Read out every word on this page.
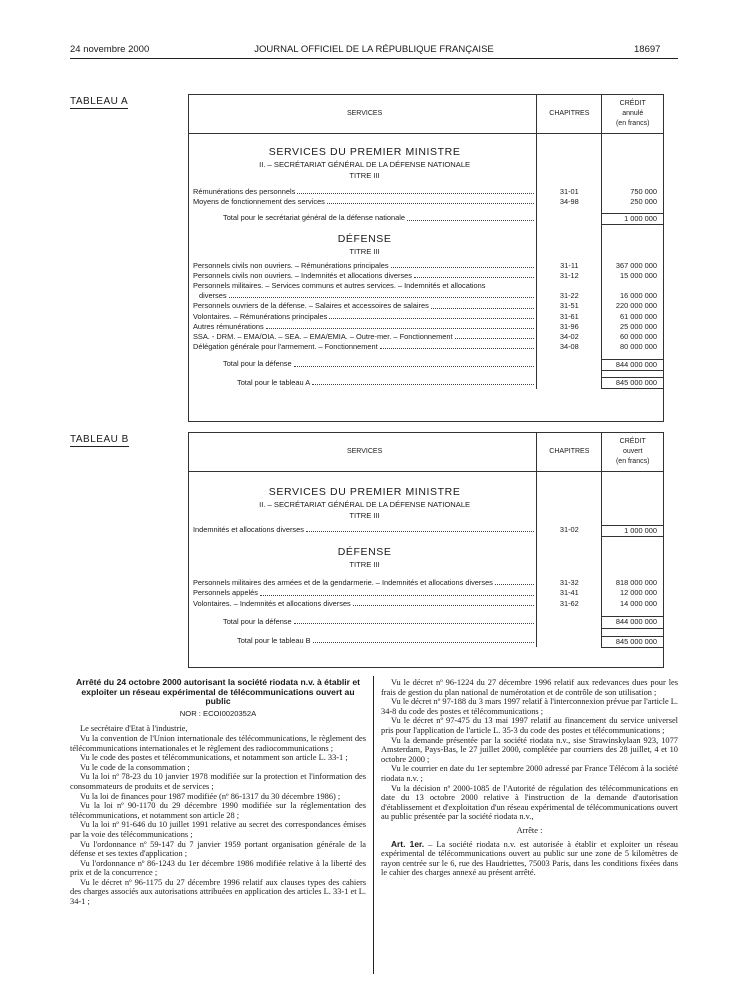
24 novembre 2000	JOURNAL OFFICIEL DE LA RÉPUBLIQUE FRANÇAISE	18697
TABLEAU A
SERVICES	CHAPITRES	CRÉDIT
annulé
(en francs)

SERVICES DU PREMIER MINISTRE		
II. – SECRÉTARIAT GÉNÉRAL DE LA DÉFENSE NATIONALE		
TITRE III		

Rémunérations des personnels	31-01	750 000

Moyens de fonctionnement des services	34-98	250 000

Total pour le secrétariat général de la défense nationale		1 000 000

DÉFENSE		
TITRE III		

Personnels civils non ouvriers. – Rémunérations principales	31-11	367 000 000

Personnels civils non ouvriers. – Indemnités et allocations diverses	31-12	15 000 000
Personnels militaires. – Services communs et autres services. – Indemnités et allocations		

diverses	31-22	16 000 000

Personnels ouvriers de la défense. – Salaires et accessoires de salaires	31-51	220 000 000

Volontaires. – Rémunérations principales	31-61	61 000 000

Autres rémunérations	31-96	25 000 000

SSA. - DRM. – EMA/OIA. – SEA. – EMA/EMIA. – Outre-mer. – Fonctionnement	34-02	60 000 000

Délégation générale pour l'armement. – Fonctionnement	34-08	80 000 000

Total pour la défense		844 000 000

Total pour le tableau A		845 000 000
TABLEAU B
SERVICES	CHAPITRES	CRÉDIT
ouvert
(en francs)

SERVICES DU PREMIER MINISTRE		
II. – SECRÉTARIAT GÉNÉRAL DE LA DÉFENSE NATIONALE		
TITRE III		

Indemnités et allocations diverses	31-02	1 000 000

DÉFENSE		
TITRE III		

Personnels militaires des armées et de la gendarmerie. – Indemnités et allocations diverses	31-32	818 000 000

Personnels appelés	31-41	12 000 000

Volontaires. – Indemnités et allocations diverses	31-62	14 000 000

Total pour la défense		844 000 000

Total pour le tableau B		845 000 000

Arrêté du 24 octobre 2000 autorisant la société riodata n.v. à établir et exploiter un réseau expérimental de télécommunications ouvert au public

NOR : ECOI0020352A

Le secrétaire d'Etat à l'industrie,

Vu la convention de l'Union internationale des télécommunications, le règlement des télécommunications internationales et le règlement des radiocommunications ;

Vu le code des postes et télécommunications, et notamment son article L. 33-1 ;

Vu le code de la consommation ;

Vu la loi nº 78-23 du 10 janvier 1978 modifiée sur la protection et l'information des consommateurs de produits et de services ;

Vu la loi de finances pour 1987 modifiée (nº 86-1317 du 30 décembre 1986) ;

Vu la loi nº 90-1170 du 29 décembre 1990 modifiée sur la réglementation des télécommunications, et notamment son article 28 ;

Vu la loi nº 91-646 du 10 juillet 1991 relative au secret des correspondances émises par la voie des télécommunications ;

Vu l'ordonnance nº 59-147 du 7 janvier 1959 portant organisation générale de la défense et ses textes d'application ;

Vu l'ordonnance nº 86-1243 du 1er décembre 1986 modifiée relative à la liberté des prix et de la concurrence ;

Vu le décret nº 96-1175 du 27 décembre 1996 relatif aux clauses types des cahiers des charges associés aux autorisations attribuées en application des articles L. 33-1 et L. 34-1 ;

Vu le décret nº 96-1224 du 27 décembre 1996 relatif aux redevances dues pour les frais de gestion du plan national de numérotation et de contrôle de son utilisation ;

Vu le décret nº 97-188 du 3 mars 1997 relatif à l'interconnexion prévue par l'article L. 34-8 du code des postes et télécommunications ;

Vu le décret nº 97-475 du 13 mai 1997 relatif au financement du service universel pris pour l'application de l'article L. 35-3 du code des postes et télécommunications ;

Vu la demande présentée par la société riodata n.v., sise Strawinskylaan 923, 1077 Amsterdam, Pays-Bas, le 27 juillet 2000, complétée par courriers des 28 juillet, 4 et 10 octobre 2000 ;

Vu le courrier en date du 1er septembre 2000 adressé par France Télécom à la société riodata n.v. ;

Vu la décision nº 2000-1085 de l'Autorité de régulation des télécommunications en date du 13 octobre 2000 relative à l'instruction de la demande d'autorisation d'établissement et d'exploitation d'un réseau expérimental de télécommunications ouvert au public présentée par la société riodata n.v.,

Arrête :

Art. 1er. – La société riodata n.v. est autorisée à établir et exploiter un réseau expérimental de télécommunications ouvert au public sur une zone de 5 kilomètres de rayon centrée sur le 6, rue des Haudriettes, 75003 Paris, dans les conditions fixées dans le cahier des charges annexé au présent arrêté.
